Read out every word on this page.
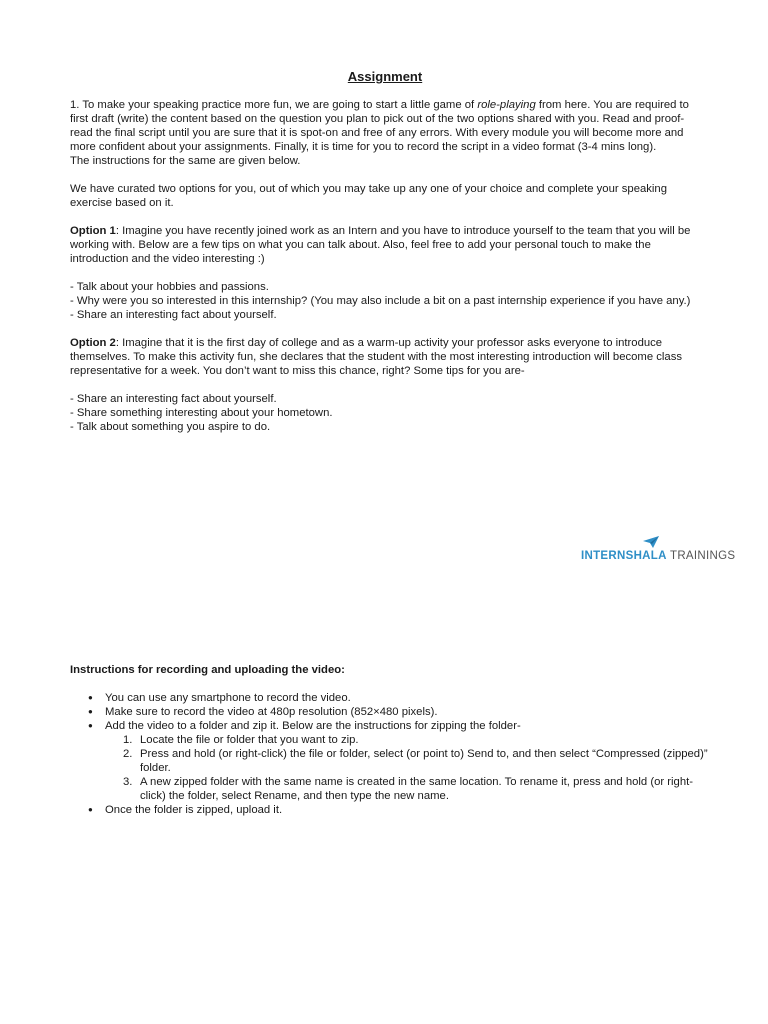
Assignment

1. To make your speaking practice more fun, we are going to start a little game of role-playing from here. You are required to first draft (write) the content based on the question you plan to pick out of the two options shared with you. Read and proof-read the final script until you are sure that it is spot-on and free of any errors. With every module you will become more and more confident about your assignments. Finally, it is time for you to record the script in a video format (3-4 mins long).

The instructions for the same are given below.

We have curated two options for you, out of which you may take up any one of your choice and complete your speaking exercise based on it.

Option 1: Imagine you have recently joined work as an Intern and you have to introduce yourself to the team that you will be working with. Below are a few tips on what you can talk about. Also, feel free to add your personal touch to make the introduction and the video interesting :)

- Talk about your hobbies and passions.

- Why were you so interested in this internship? (You may also include a bit on a past internship experience if you have any.)

- Share an interesting fact about yourself.

Option 2: Imagine that it is the first day of college and as a warm-up activity your professor asks everyone to introduce themselves. To make this activity fun, she declares that the student with the most interesting introduction will become class representative for a week. You don’t want to miss this chance, right? Some tips for you are-

- Share an interesting fact about yourself.

- Share something interesting about your hometown.

- Talk about something you aspire to do.

INTERNSHALA TRAININGS

Instructions for recording and uploading the video:

● You can use any smartphone to record the video.
● Make sure to record the video at 480p resolution (852×480 pixels).
● Add the video to a folder and zip it. Below are the instructions for zipping the folder-
1. Locate the file or folder that you want to zip.
2. Press and hold (or right-click) the file or folder, select (or point to) Send to, and then select “Compressed (zipped)” folder.
3. A new zipped folder with the same name is created in the same location. To rename it, press and hold (or right-click) the folder, select Rename, and then type the new name.
● Once the folder is zipped, upload it.
